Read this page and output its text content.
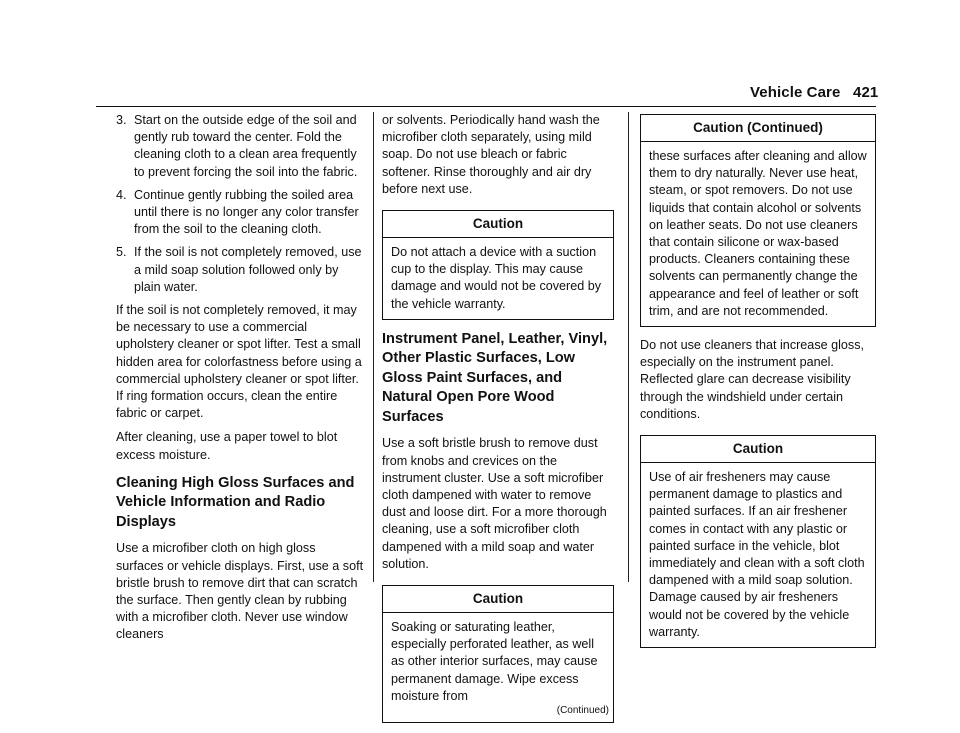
Vehicle Care 421
3. Start on the outside edge of the soil and gently rub toward the center. Fold the cleaning cloth to a clean area frequently to prevent forcing the soil into the fabric.
4. Continue gently rubbing the soiled area until there is no longer any color transfer from the soil to the cleaning cloth.
5. If the soil is not completely removed, use a mild soap solution followed only by plain water.

If the soil is not completely removed, it may be necessary to use a commercial upholstery cleaner or spot lifter. Test a small hidden area for colorfastness before using a commercial upholstery cleaner or spot lifter. If ring formation occurs, clean the entire fabric or carpet.

After cleaning, use a paper towel to blot excess moisture.

Cleaning High Gloss Surfaces and Vehicle Information and Radio Displays

Use a microfiber cloth on high gloss surfaces or vehicle displays. First, use a soft bristle brush to remove dirt that can scratch the surface. Then gently clean by rubbing with a microfiber cloth. Never use window cleaners

or solvents. Periodically hand wash the microfiber cloth separately, using mild soap. Do not use bleach or fabric softener. Rinse thoroughly and air dry before next use.

Caution
Do not attach a device with a suction cup to the display. This may cause damage and would not be covered by the vehicle warranty.
Instrument Panel, Leather, Vinyl, Other Plastic Surfaces, Low Gloss Paint Surfaces, and Natural Open Pore Wood Surfaces

Use a soft bristle brush to remove dust from knobs and crevices on the instrument cluster. Use a soft microfiber cloth dampened with water to remove dust and loose dirt. For a more thorough cleaning, use a soft microfiber cloth dampened with a mild soap and water solution.

Caution
Soaking or saturating leather, especially perforated leather, as well as other interior surfaces, may cause permanent damage. Wipe excess moisture from
(Continued)
Caution (Continued)
these surfaces after cleaning and allow them to dry naturally. Never use heat, steam, or spot removers. Do not use liquids that contain alcohol or solvents on leather seats. Do not use cleaners that contain silicone or wax-based products. Cleaners containing these solvents can permanently change the appearance and feel of leather or soft trim, and are not recommended.

Do not use cleaners that increase gloss, especially on the instrument panel. Reflected glare can decrease visibility through the windshield under certain conditions.

Caution
Use of air fresheners may cause permanent damage to plastics and painted surfaces. If an air freshener comes in contact with any plastic or painted surface in the vehicle, blot immediately and clean with a soft cloth dampened with a mild soap solution. Damage caused by air fresheners would not be covered by the vehicle warranty.
